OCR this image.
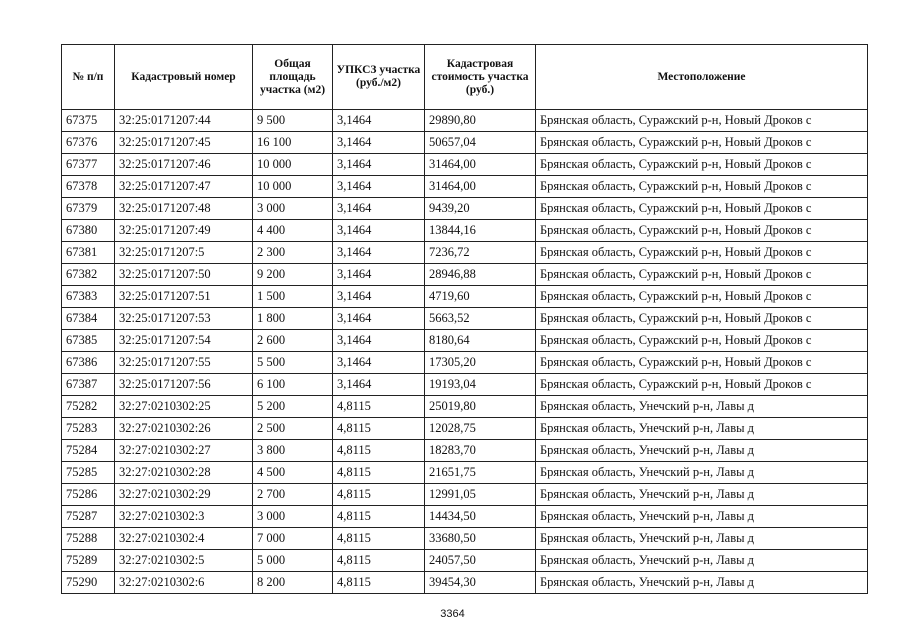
№ п/п	Кадастровый номер	Общая площадь участка (м2)	УПКСЗ участка (руб./м2)	Кадастровая стоимость участка (руб.)	Местоположение
67375	32:25:0171207:44	9 500	3,1464	29890,80	Брянская область, Суражский р-н, Новый Дроков с
67376	32:25:0171207:45	16 100	3,1464	50657,04	Брянская область, Суражский р-н, Новый Дроков с
67377	32:25:0171207:46	10 000	3,1464	31464,00	Брянская область, Суражский р-н, Новый Дроков с
67378	32:25:0171207:47	10 000	3,1464	31464,00	Брянская область, Суражский р-н, Новый Дроков с
67379	32:25:0171207:48	3 000	3,1464	9439,20	Брянская область, Суражский р-н, Новый Дроков с
67380	32:25:0171207:49	4 400	3,1464	13844,16	Брянская область, Суражский р-н, Новый Дроков с
67381	32:25:0171207:5	2 300	3,1464	7236,72	Брянская область, Суражский р-н, Новый Дроков с
67382	32:25:0171207:50	9 200	3,1464	28946,88	Брянская область, Суражский р-н, Новый Дроков с
67383	32:25:0171207:51	1 500	3,1464	4719,60	Брянская область, Суражский р-н, Новый Дроков с
67384	32:25:0171207:53	1 800	3,1464	5663,52	Брянская область, Суражский р-н, Новый Дроков с
67385	32:25:0171207:54	2 600	3,1464	8180,64	Брянская область, Суражский р-н, Новый Дроков с
67386	32:25:0171207:55	5 500	3,1464	17305,20	Брянская область, Суражский р-н, Новый Дроков с
67387	32:25:0171207:56	6 100	3,1464	19193,04	Брянская область, Суражский р-н, Новый Дроков с
75282	32:27:0210302:25	5 200	4,8115	25019,80	Брянская область, Унечский р-н, Лавы д
75283	32:27:0210302:26	2 500	4,8115	12028,75	Брянская область, Унечский р-н, Лавы д
75284	32:27:0210302:27	3 800	4,8115	18283,70	Брянская область, Унечский р-н, Лавы д
75285	32:27:0210302:28	4 500	4,8115	21651,75	Брянская область, Унечский р-н, Лавы д
75286	32:27:0210302:29	2 700	4,8115	12991,05	Брянская область, Унечский р-н, Лавы д
75287	32:27:0210302:3	3 000	4,8115	14434,50	Брянская область, Унечский р-н, Лавы д
75288	32:27:0210302:4	7 000	4,8115	33680,50	Брянская область, Унечский р-н, Лавы д
75289	32:27:0210302:5	5 000	4,8115	24057,50	Брянская область, Унечский р-н, Лавы д
75290	32:27:0210302:6	8 200	4,8115	39454,30	Брянская область, Унечский р-н, Лавы д
3364
